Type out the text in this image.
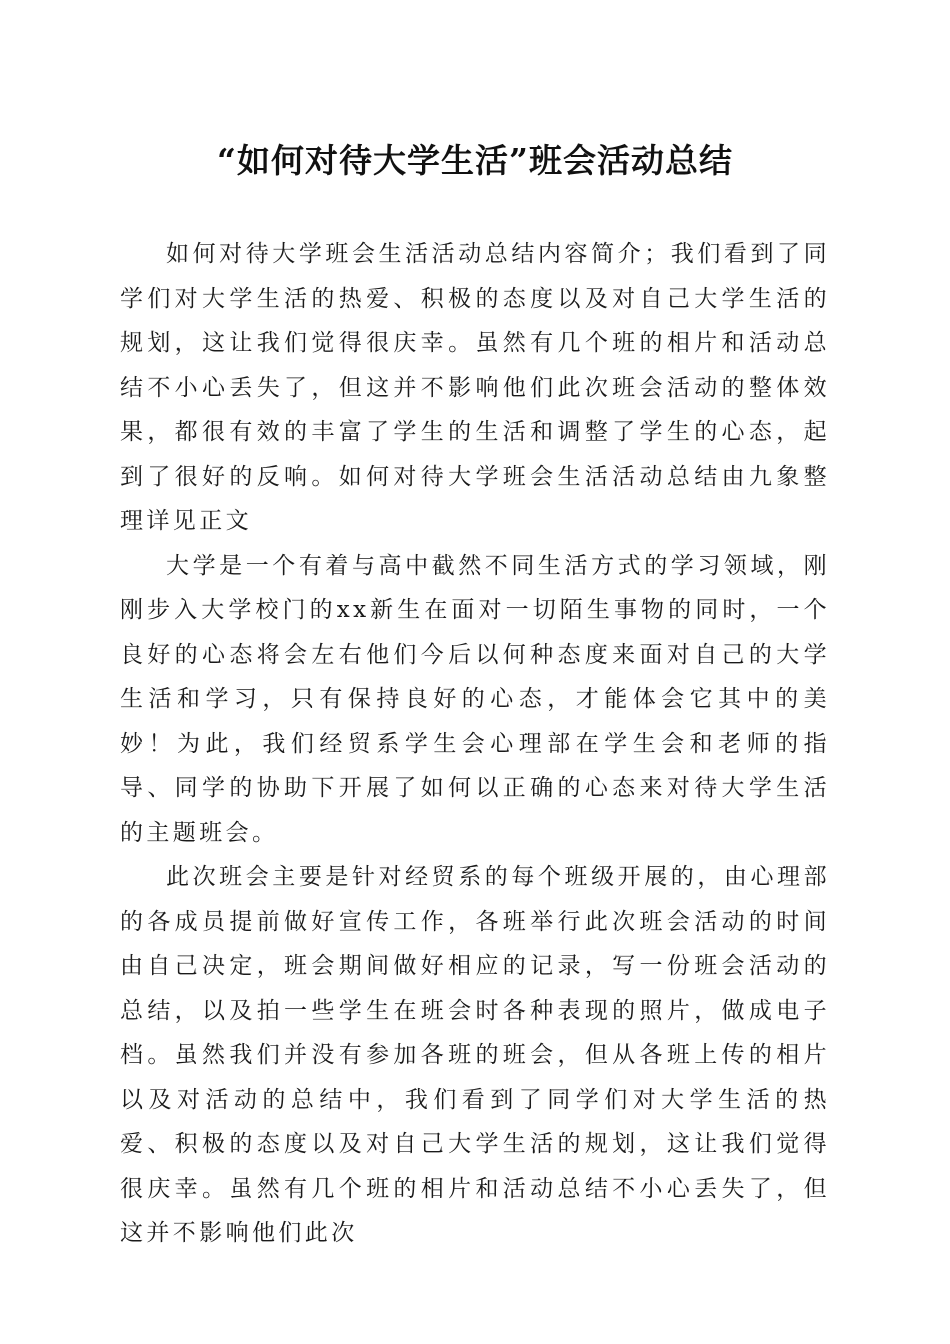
“如何对待大学生活”班会活动总结

如何对待大学班会生活活动总结内容简介；我们看到了同学们对大学生活的热爱、积极的态度以及对自己大学生活的规划，这让我们觉得很庆幸。虽然有几个班的相片和活动总结不小心丢失了，但这并不影响他们此次班会活动的整体效果，都很有效的丰富了学生的生活和调整了学生的心态，起到了很好的反响。如何对待大学班会生活活动总结由九象整理详见正文

大学是一个有着与高中截然不同生活方式的学习领域，刚刚步入大学校门的xx新生在面对一切陌生事物的同时，一个良好的心态将会左右他们今后以何种态度来面对自己的大学生活和学习，只有保持良好的心态，才能体会它其中的美妙！为此，我们经贸系学生会心理部在学生会和老师的指导、同学的协助下开展了如何以正确的心态来对待大学生活的主题班会。

此次班会主要是针对经贸系的每个班级开展的，由心理部的各成员提前做好宣传工作，各班举行此次班会活动的时间由自己决定，班会期间做好相应的记录，写一份班会活动的总结，以及拍一些学生在班会时各种表现的照片，做成电子档。虽然我们并没有参加各班的班会，但从各班上传的相片以及对活动的总结中，我们看到了同学们对大学生活的热爱、积极的态度以及对自己大学生活的规划，这让我们觉得很庆幸。虽然有几个班的相片和活动总结不小心丢失了，但这并不影响他们此次
